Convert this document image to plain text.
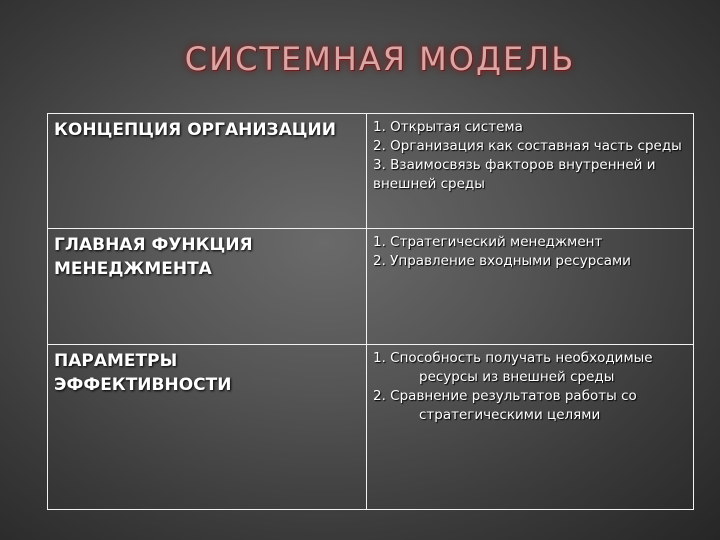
СИСТЕМНАЯ МОДЕЛЬ
КОНЦЕПЦИЯ ОРГАНИЗАЦИИ	1. Открытая система
2. Организация как составная часть среды
3. Взаимосвязь факторов внутренней и внешней среды

ГЛАВНАЯ ФУНКЦИЯ МЕНЕДЖМЕНТА	1. Стратегический менеджмент
2. Управление входными ресурсами

ПАРАМЕТРЫ ЭФФЕКТИВНОСТИ	1. Способность получать необходимые ресурсы из внешней среды
2. Сравнение результатов работы со стратегическими целями
